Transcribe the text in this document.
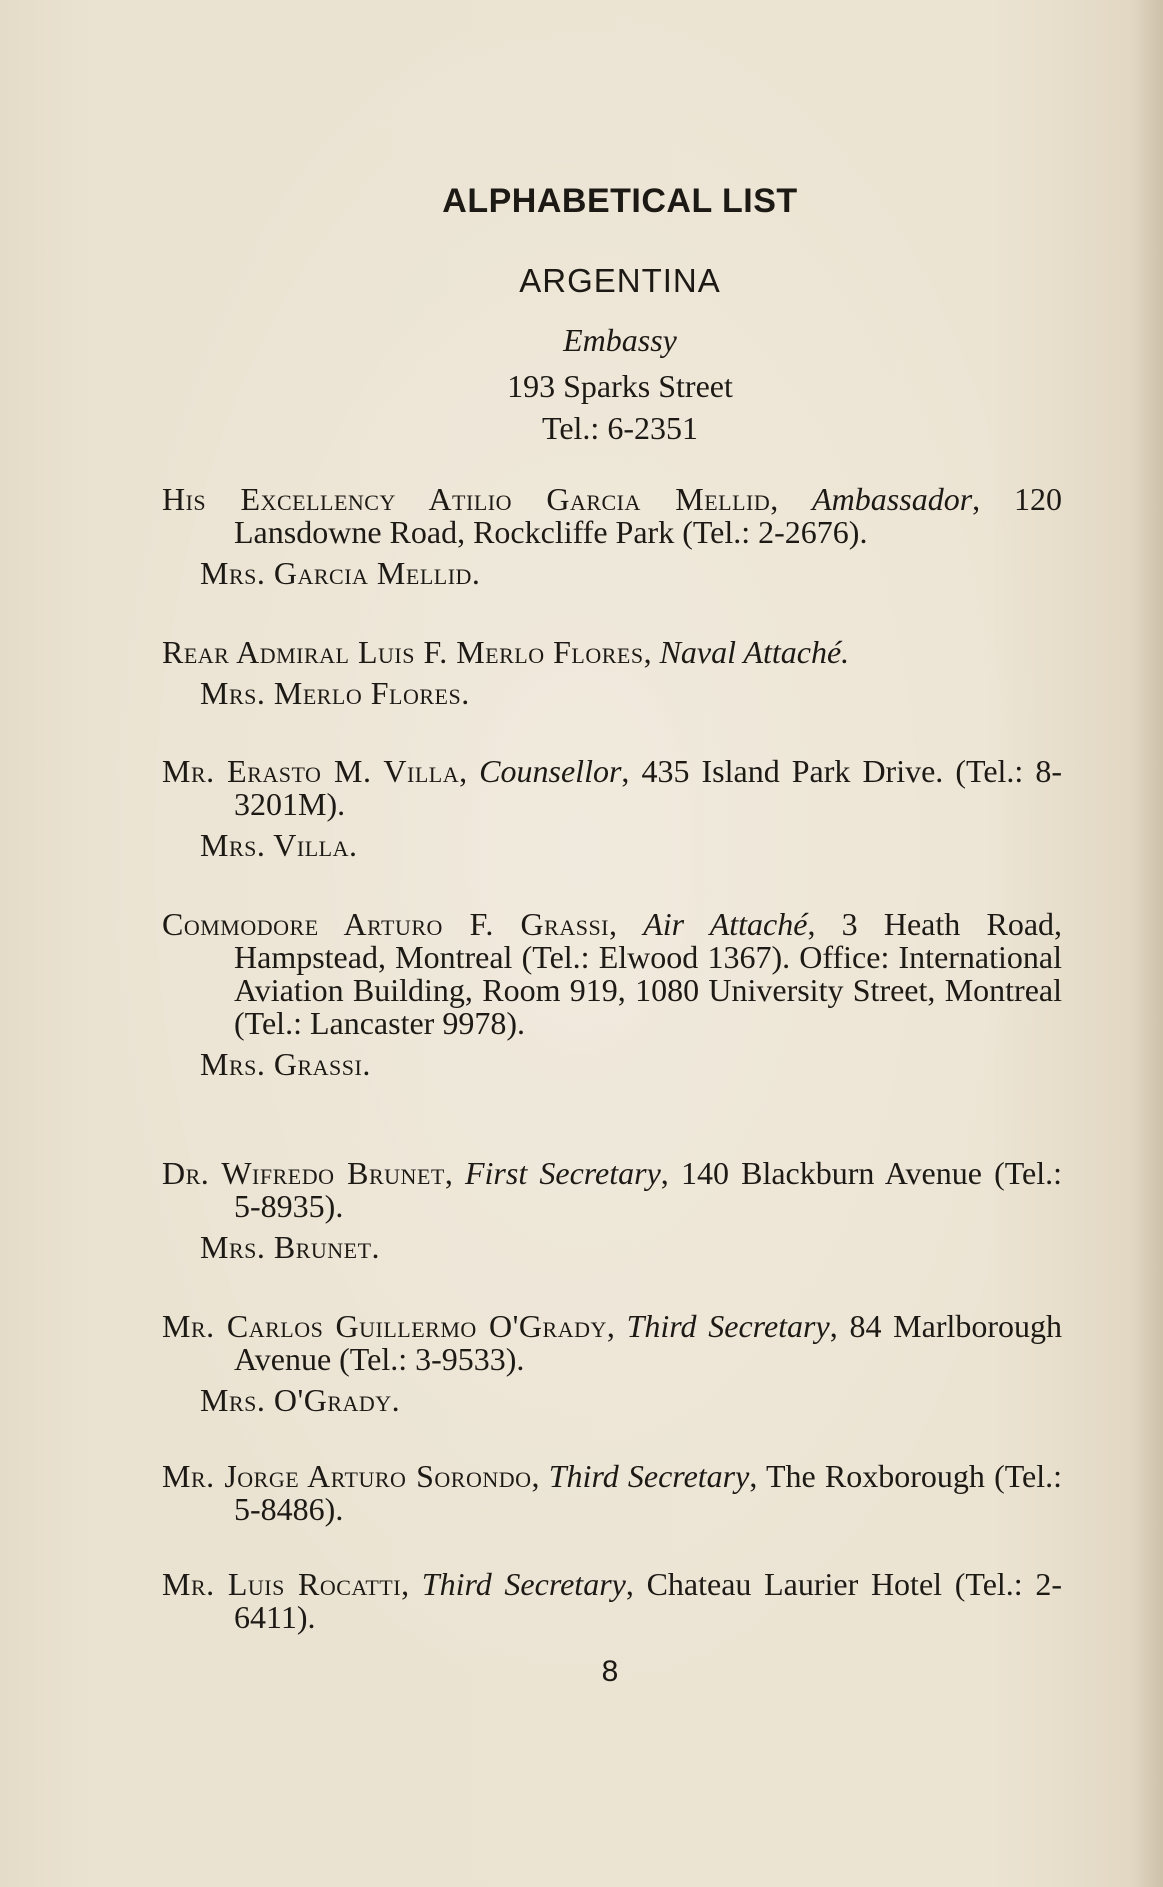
ALPHABETICAL LIST
ARGENTINA
Embassy
193 Sparks Street
Tel.: 6-2351
His Excellency Atilio Garcia Mellid, Ambassador, 120 Lansdowne Road, Rockcliffe Park (Tel.: 2-2676).
Mrs. Garcia Mellid.
Rear Admiral Luis F. Merlo Flores, Naval Attaché.
Mrs. Merlo Flores.
Mr. Erasto M. Villa, Counsellor, 435 Island Park Drive. (Tel.: 8-3201M).
Mrs. Villa.
Commodore Arturo F. Grassi, Air Attaché, 3 Heath Road, Hampstead, Montreal (Tel.: Elwood 1367). Office: International Aviation Building, Room 919, 1080 University Street, Montreal (Tel.: Lancaster 9978).
Mrs. Grassi.
Dr. Wifredo Brunet, First Secretary, 140 Blackburn Avenue (Tel.: 5-8935).
Mrs. Brunet.
Mr. Carlos Guillermo O'Grady, Third Secretary, 84 Marlborough Avenue (Tel.: 3-9533).
Mrs. O'Grady.
Mr. Jorge Arturo Sorondo, Third Secretary, The Roxborough (Tel.: 5-8486).
Mr. Luis Rocatti, Third Secretary, Chateau Laurier Hotel (Tel.: 2-6411).
8
